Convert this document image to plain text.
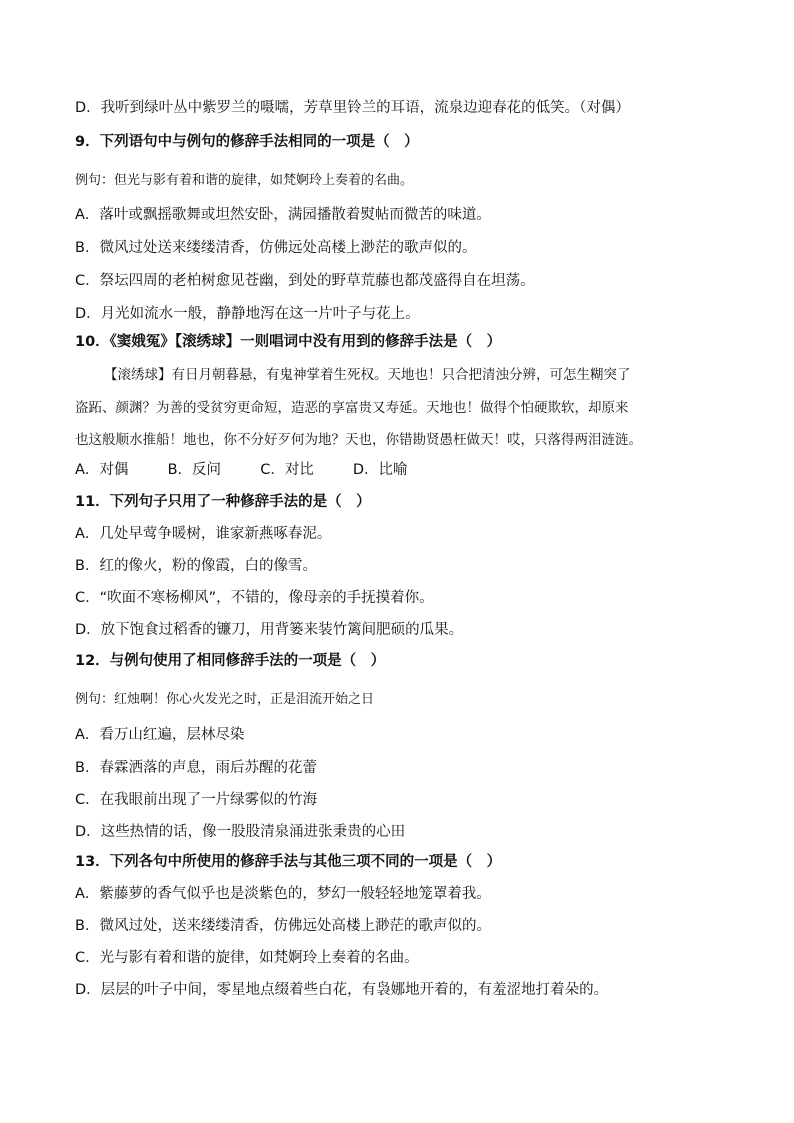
D．我听到绿叶丛中紫罗兰的嗫嚅，芳草里铃兰的耳语，流泉边迎春花的低笑。（对偶）
9．下列语句中与例句的修辞手法相同的一项是（　）
例句：但光与影有着和谐的旋律，如梵婀玲上奏着的名曲。
A．落叶或飘摇歌舞或坦然安卧，满园播散着熨帖而微苦的味道。
B．微风过处送来缕缕清香，仿佛远处高楼上渺茫的歌声似的。
C．祭坛四周的老柏树愈见苍幽，到处的野草荒藤也都茂盛得自在坦荡。
D．月光如流水一般，静静地泻在这一片叶子与花上。
10．《窦娥冤》【滚绣球】一则唱词中没有用到的修辞手法是（　）
【滚绣球】有日月朝暮悬，有鬼神掌着生死权。天地也！只合把清浊分辨，可怎生糊突了
盗跖、颜渊？为善的受贫穷更命短，造恶的享富贵又寿延。天地也！做得个怕硬欺软，却原来
也这般顺水推船！地也，你不分好歹何为地？天也，你错勘贤愚枉做天！哎，只落得两泪涟涟。
A．对偶	B．反问	C．对比	D．比喻
11．下列句子只用了一种修辞手法的是（　）
A．几处早莺争暖树，谁家新燕啄春泥。
B．红的像火，粉的像霞，白的像雪。
C．“吹面不寒杨柳风”，不错的，像母亲的手抚摸着你。
D．放下饱食过稻香的镰刀，用背篓来装竹篱间肥硕的瓜果。
12．与例句使用了相同修辞手法的一项是（　）
例句：红烛啊！你心火发光之时，正是泪流开始之日
A．看万山红遍，层林尽染
B．春霖洒落的声息，雨后苏醒的花蕾
C．在我眼前出现了一片绿雾似的竹海
D．这些热情的话，像一股股清泉涌进张秉贵的心田
13．下列各句中所使用的修辞手法与其他三项不同的一项是（　）
A．紫藤萝的香气似乎也是淡紫色的，梦幻一般轻轻地笼罩着我。
B．微风过处，送来缕缕清香，仿佛远处高楼上渺茫的歌声似的。
C．光与影有着和谐的旋律，如梵婀玲上奏着的名曲。
D．层层的叶子中间，零星地点缀着些白花，有袅娜地开着的，有羞涩地打着朵的。
